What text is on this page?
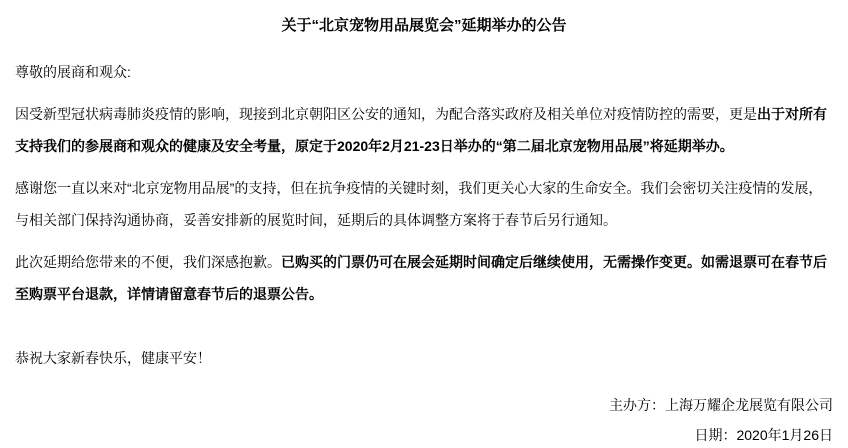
关于“北京宠物用品展览会”延期举办的公告
尊敬的展商和观众:
因受新型冠状病毒肺炎疫情的影响，现接到北京朝阳区公安的通知，为配合落实政府及相关单位对疫情防控的需要，更是出于对所有支持我们的参展商和观众的健康及安全考量，原定于2020年2月21-23日举办的“第二届北京宠物用品展”将延期举办。
感谢您一直以来对“北京宠物用品展”的支持，但在抗争疫情的关键时刻，我们更关心大家的生命安全。我们会密切关注疫情的发展，与相关部门保持沟通协商，妥善安排新的展览时间，延期后的具体调整方案将于春节后另行通知。
此次延期给您带来的不便，我们深感抱歉。已购买的门票仍可在展会延期时间确定后继续使用，无需操作变更。如需退票可在春节后至购票平台退款，详情请留意春节后的退票公告。
恭祝大家新春快乐，健康平安！
主办方：上海万耀企龙展览有限公司
日期：2020年1月26日
